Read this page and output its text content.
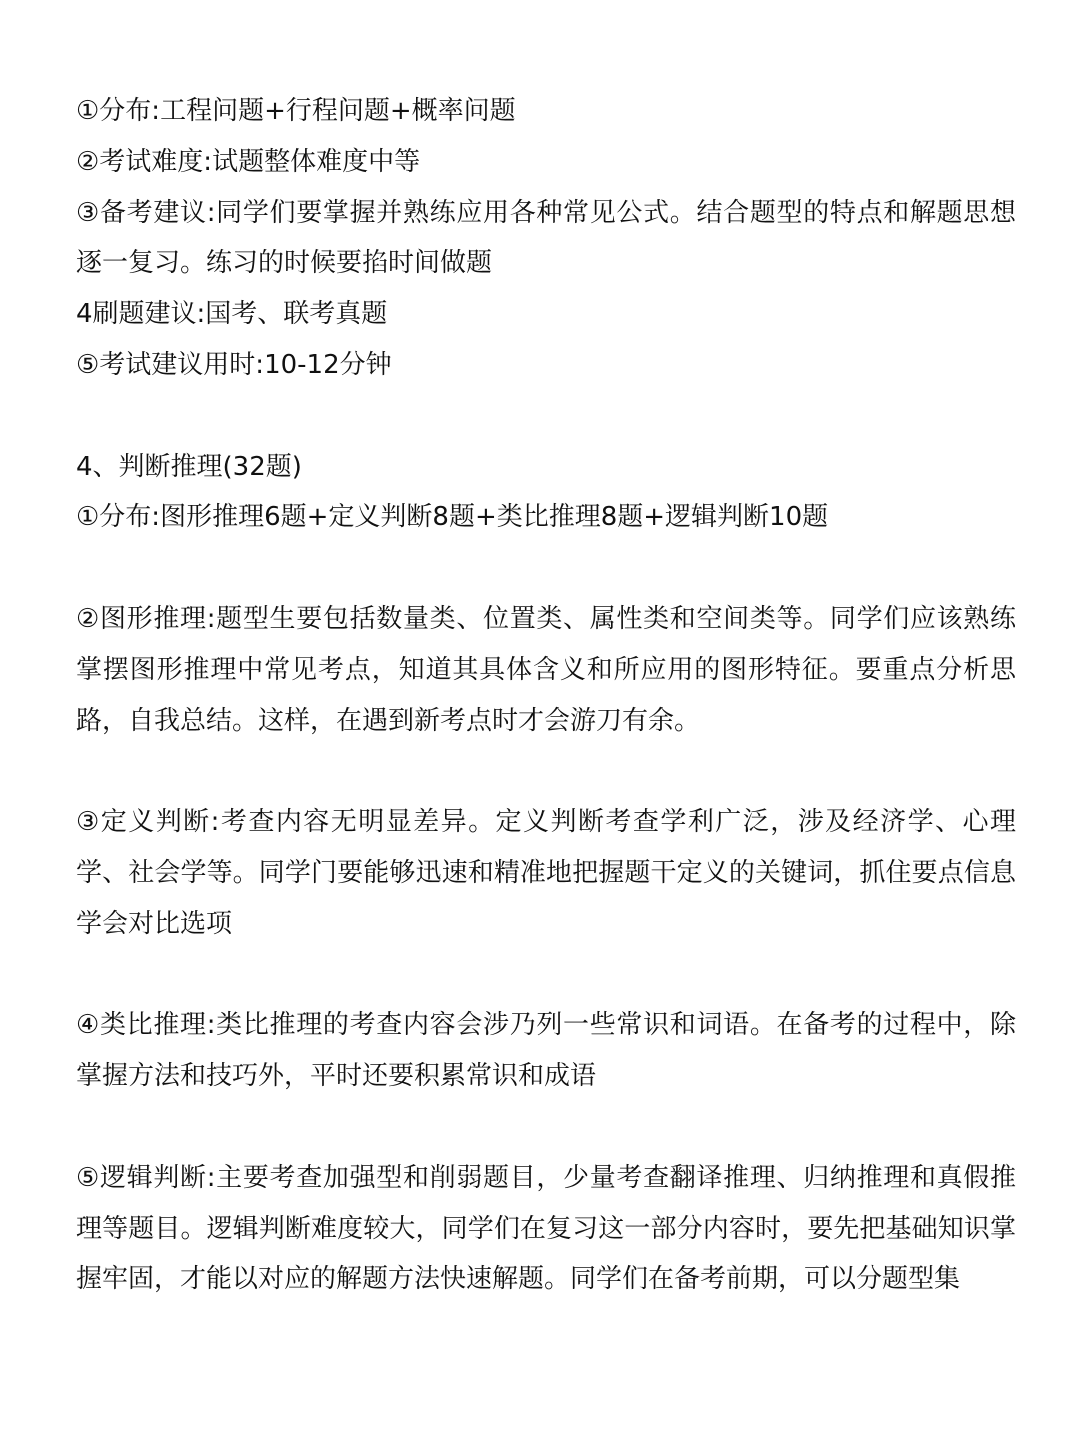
①分布:工程问题+行程问题+概率问题

②考试难度:试题整体难度中等

③备考建议:同学们要掌握并熟练应用各种常见公式。结合题型的特点和解题思想逐一复习。练习的时候要掐时间做题

4刷题建议:国考、联考真题

⑤考试建议用时:10-12分钟

4、判断推理(32题)

①分布:图形推理6题+定义判断8题+类比推理8题+逻辑判断10题

②图形推理:题型生要包括数量类、位置类、属性类和空间类等。同学们应该熟练掌摆图形推理中常见考点，知道其具体含义和所应用的图形特征。要重点分析思路，自我总结。这样，在遇到新考点时才会游刀有余。

③定义判断:考查内容无明显差异。定义判断考查学利广泛，涉及经济学、心理学、社会学等。同学门要能够迅速和精准地把握题干定义的关键词，抓住要点信息学会对比选项

④类比推理:类比推理的考查内容会涉乃列一些常识和词语。在备考的过程中，除掌握方法和技巧外，平时还要积累常识和成语

⑤逻辑判断:主要考查加强型和削弱题目，少量考查翻译推理、归纳推理和真假推理等题目。逻辑判断难度较大，同学们在复习这一部分内容时，要先把基础知识掌握牢固，才能以对应的解题方法快速解题。同学们在备考前期，可以分题型集
